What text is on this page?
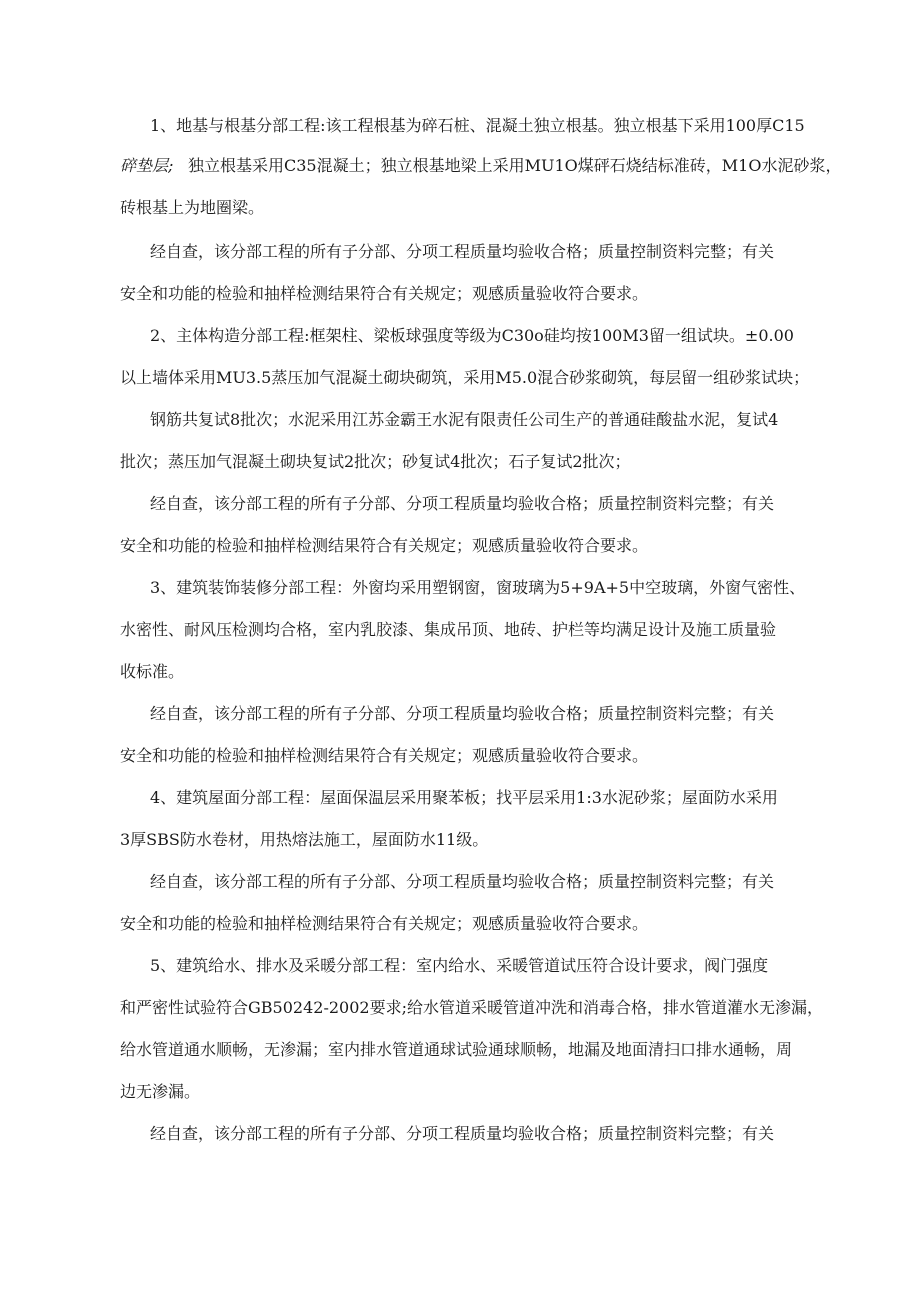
1、地基与根基分部工程:该工程根基为碎石桩、混凝土独立根基。独立根基下采用100厚C15
碎垫层; 独立根基采用C35混凝土；独立根基地梁上采用MU1O煤砰石烧结标准砖，M1O水泥砂浆，
砖根基上为地圈梁。
经自查，该分部工程的所有子分部、分项工程质量均验收合格；质量控制资料完整；有关
安全和功能的检验和抽样检测结果符合有关规定；观感质量验收符合要求。
2、主体构造分部工程:框架柱、梁板球强度等级为C30o硅均按100M3留一组试块。±0.00
以上墙体采用MU3.5蒸压加气混凝土砌块砌筑，采用M5.0混合砂浆砌筑，每层留一组砂浆试块；
钢筋共复试8批次；水泥采用江苏金霸王水泥有限责任公司生产的普通硅酸盐水泥，复试4
批次；蒸压加气混凝土砌块复试2批次；砂复试4批次；石子复试2批次；
经自查，该分部工程的所有子分部、分项工程质量均验收合格；质量控制资料完整；有关
安全和功能的检验和抽样检测结果符合有关规定；观感质量验收符合要求。
3、建筑装饰装修分部工程：外窗均采用塑钢窗，窗玻璃为5+9A+5中空玻璃，外窗气密性、
水密性、耐风压检测均合格，室内乳胶漆、集成吊顶、地砖、护栏等均满足设计及施工质量验
收标准。
经自查，该分部工程的所有子分部、分项工程质量均验收合格；质量控制资料完整；有关
安全和功能的检验和抽样检测结果符合有关规定；观感质量验收符合要求。
4、建筑屋面分部工程：屋面保温层采用聚苯板；找平层采用1:3水泥砂浆；屋面防水采用
3厚SBS防水卷材，用热熔法施工，屋面防水11级。
经自查，该分部工程的所有子分部、分项工程质量均验收合格；质量控制资料完整；有关
安全和功能的检验和抽样检测结果符合有关规定；观感质量验收符合要求。
5、建筑给水、排水及采暖分部工程：室内给水、采暖管道试压符合设计要求，阀门强度
和严密性试验符合GB50242-2002要求;给水管道采暖管道冲洗和消毒合格，排水管道灌水无渗漏，
给水管道通水顺畅，无渗漏；室内排水管道通球试验通球顺畅，地漏及地面清扫口排水通畅，周
边无渗漏。
经自查，该分部工程的所有子分部、分项工程质量均验收合格；质量控制资料完整；有关
